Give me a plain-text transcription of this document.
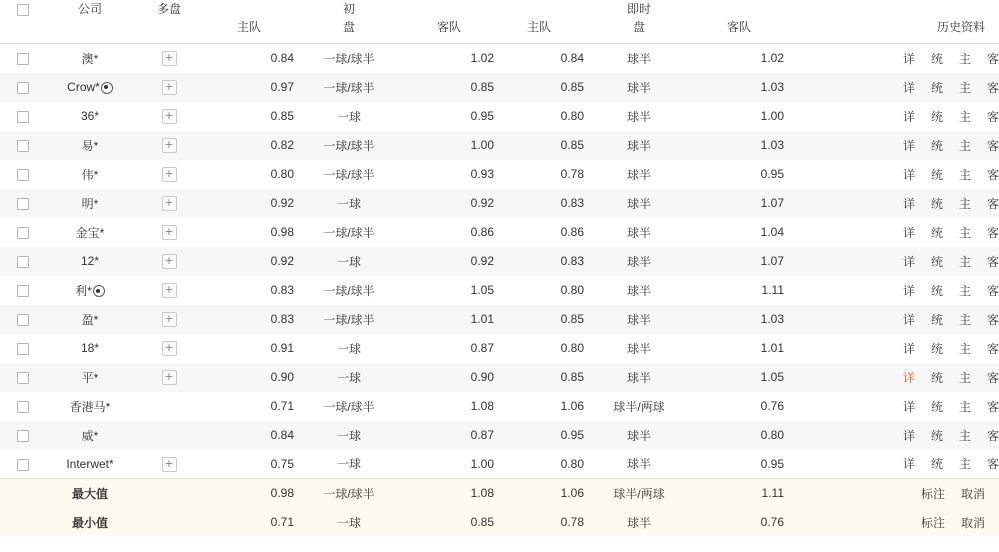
公司	多盘		初			即时		

			主队	盘	客队	主队	盘	客队	历史资料

	澳*	+	0.84	一球/球半	1.02	0.84	球半	1.02	详 统 主 客
	Crow*	+	0.97	一球/球半	0.85	0.85	球半	1.03	详 统 主 客
	36*	+	0.85	一球	0.95	0.80	球半	1.00	详 统 主 客
	易*	+	0.82	一球/球半	1.00	0.85	球半	1.03	详 统 主 客
	伟*	+	0.80	一球/球半	0.93	0.78	球半	0.95	详 统 主 客
	明*	+	0.92	一球	0.92	0.83	球半	1.07	详 统 主 客
	金宝*	+	0.98	一球/球半	0.86	0.86	球半	1.04	详 统 主 客
	12*	+	0.92	一球	0.92	0.83	球半	1.07	详 统 主 客
	利*	+	0.83	一球/球半	1.05	0.80	球半	1.11	详 统 主 客
	盈*	+	0.83	一球/球半	1.01	0.85	球半	1.03	详 统 主 客
	18*	+	0.91	一球	0.87	0.80	球半	1.01	详 统 主 客
	平*	+	0.90	一球	0.90	0.85	球半	1.05	详 统 主 客
	香港马*		0.71	一球/球半	1.08	1.06	球半/两球	0.76	详 统 主 客
	威*		0.84	一球	0.87	0.95	球半	0.80	详 统 主 客
	Interwet*	+	0.75	一球	1.00	0.80	球半	0.95	详 统 主 客
	最大值		0.98	一球/球半	1.08	1.06	球半/两球	1.11	标注 取消
	最小值		0.71	一球	0.85	0.78	球半	0.76	标注 取消
